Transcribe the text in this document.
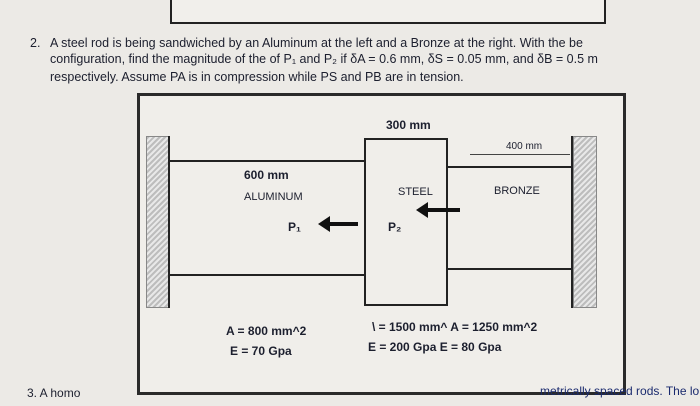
2. A steel rod is being sandwiched by an Aluminum at the left and a Bronze at the right. With the be
configuration, find the magnitude of the of P₁ and P₂ if δA = 0.6 mm, δS = 0.05 mm, and δB = 0.5 m
respectively. Assume PA is in compression while PS and PB are in tension.
300 mm
400 mm
600 mm
ALUMINUM	STEEL	BRONZE
P₁	P₂
A = 800 mm^2
E = 70 Gpa
\ = 1500 mm^ A = 1250 mm^2
E = 200 Gpa E = 80 Gpa
3. A homo	metrically spaced rods. The lo
